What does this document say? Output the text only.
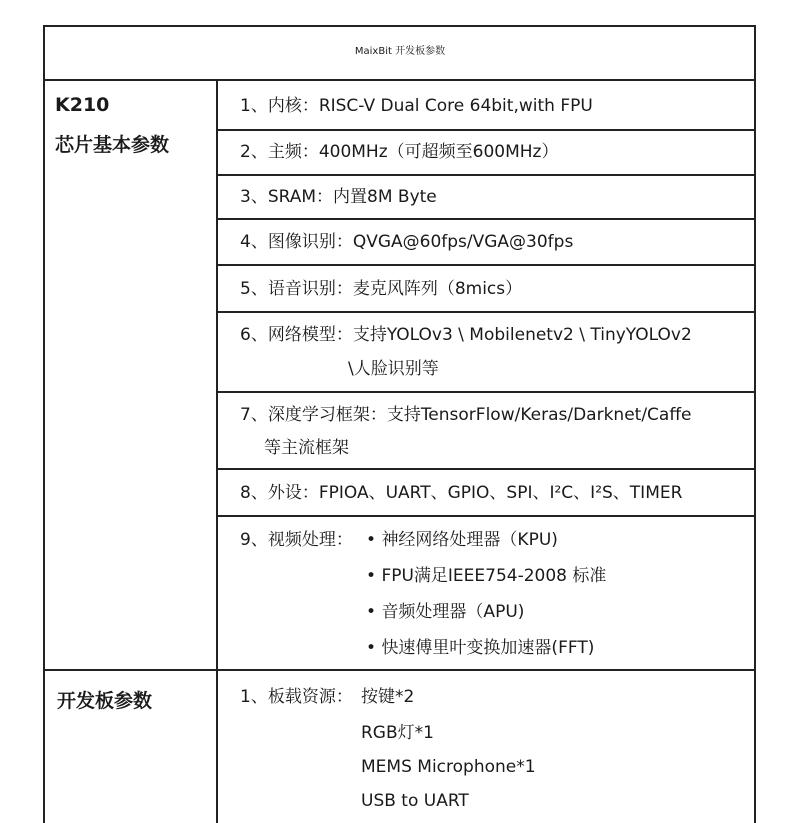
MaixBit 开发板参数
K210
芯片基本参数
开发板参数
1、内核：RISC-V Dual Core 64bit,with FPU
2、主频：400MHz（可超频至600MHz）
3、SRAM：内置8M Byte
4、图像识别：QVGA@60fps/VGA@30fps
5、语音识别：麦克风阵列（8mics）
6、网络模型：支持YOLOv3 \ Mobilenetv2 \ TinyYOLOv2
\人脸识别等
7、深度学习框架：支持TensorFlow/Keras/Darknet/Caffe
等主流框架
8、外设：FPIOA、UART、GPIO、SPI、I²C、I²S、TIMER
9、视频处理： • 神经网络处理器（KPU)
• FPU满足IEEE754-2008 标准
• 音频处理器（APU)
• 快速傅里叶变换加速器(FFT)
1、板载资源： 按键*2
RGB灯*1
MEMS Microphone*1
USB to UART
